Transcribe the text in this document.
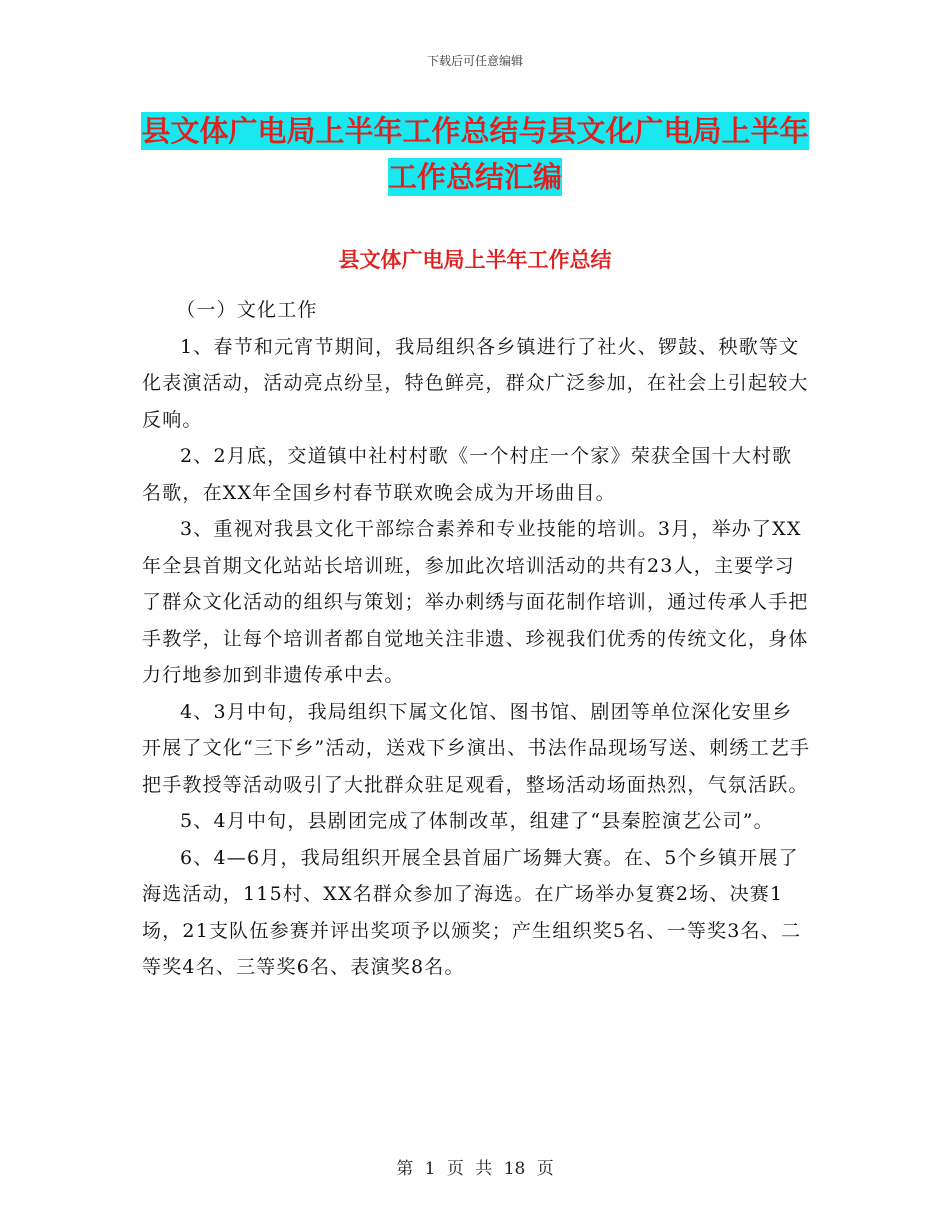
下载后可任意编辑
县文体广电局上半年工作总结与县文化广电局上半年工作总结汇编
县文体广电局上半年工作总结

（一）文化工作

1、春节和元宵节期间，我局组织各乡镇进行了社火、锣鼓、秧歌等文化表演活动，活动亮点纷呈，特色鲜亮，群众广泛参加，在社会上引起较大反响。

2、2月底，交道镇中社村村歌《一个村庄一个家》荣获全国十大村歌名歌，在XX年全国乡村春节联欢晚会成为开场曲目。

3、重视对我县文化干部综合素养和专业技能的培训。3月，举办了XX年全县首期文化站站长培训班，参加此次培训活动的共有23人，主要学习了群众文化活动的组织与策划；举办刺绣与面花制作培训，通过传承人手把手教学，让每个培训者都自觉地关注非遗、珍视我们优秀的传统文化，身体力行地参加到非遗传承中去。

4、3月中旬，我局组织下属文化馆、图书馆、剧团等单位深化安里乡开展了文化“三下乡”活动，送戏下乡演出、书法作品现场写送、刺绣工艺手把手教授等活动吸引了大批群众驻足观看，整场活动场面热烈，气氛活跃。

5、4月中旬，县剧团完成了体制改革，组建了“县秦腔演艺公司”。

6、4—6月，我局组织开展全县首届广场舞大赛。在、5个乡镇开展了海选活动，115村、XX名群众参加了海选。在广场举办复赛2场、决赛1场，21支队伍参赛并评出奖项予以颁奖；产生组织奖5名、一等奖3名、二等奖4名、三等奖6名、表演奖8名。

第 1 页 共 18 页
